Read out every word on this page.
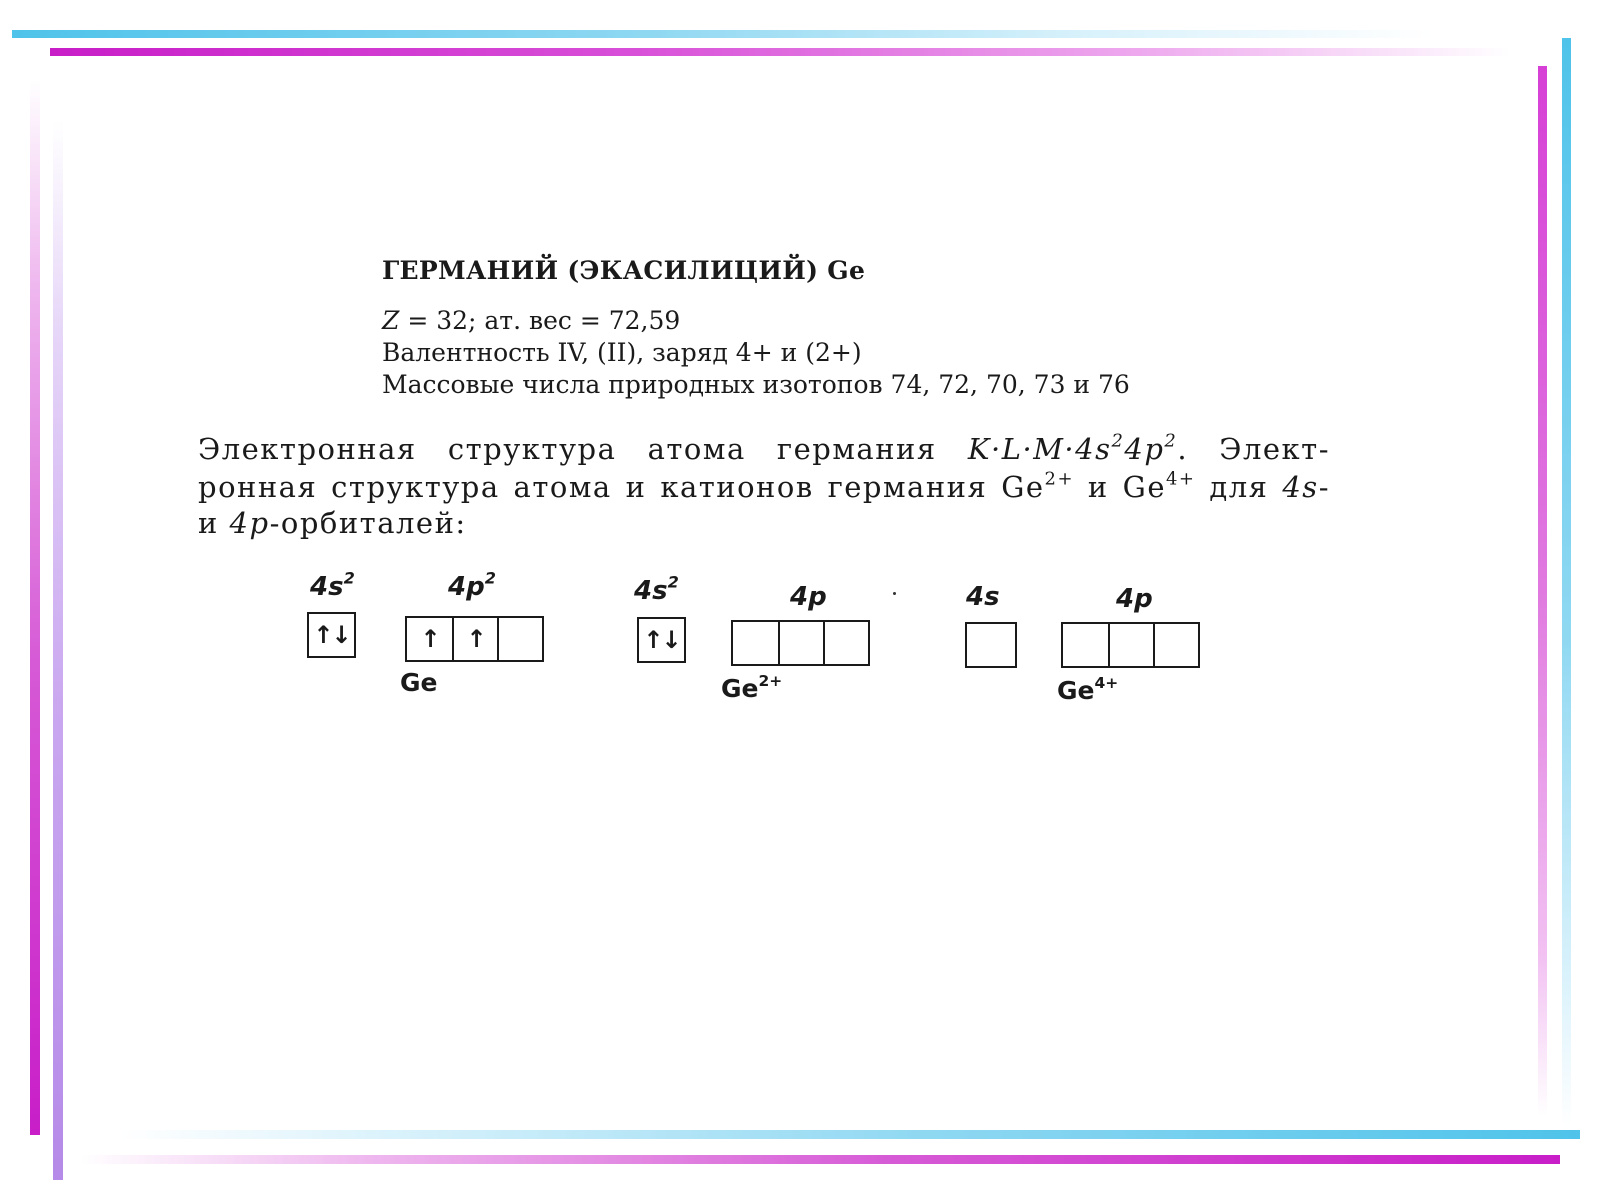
ГЕРМАНИЙ (ЭКАСИЛИЦИЙ) Ge
Z = 32; ат. вес = 72,59
Валентность IV, (II), заряд 4+ и (2+)
Массовые числа природных изотопов 74, 72, 70, 73 и 76
Электронная структура атома германия $K\cdot L\cdot M\cdot 4s^24p^2$. Элект-
ронная структура атома и катионов германия $Ge^{2+}$ и $Ge^{4+}$ для 4s-
и 4p-орбиталей:
$4s^2$
↑↓
$4p^2$
↑	↑
Ge
$4s^2$
↑↓
4p
$Ge^{2+}$
4s	4p
$Ge^{4+}$
